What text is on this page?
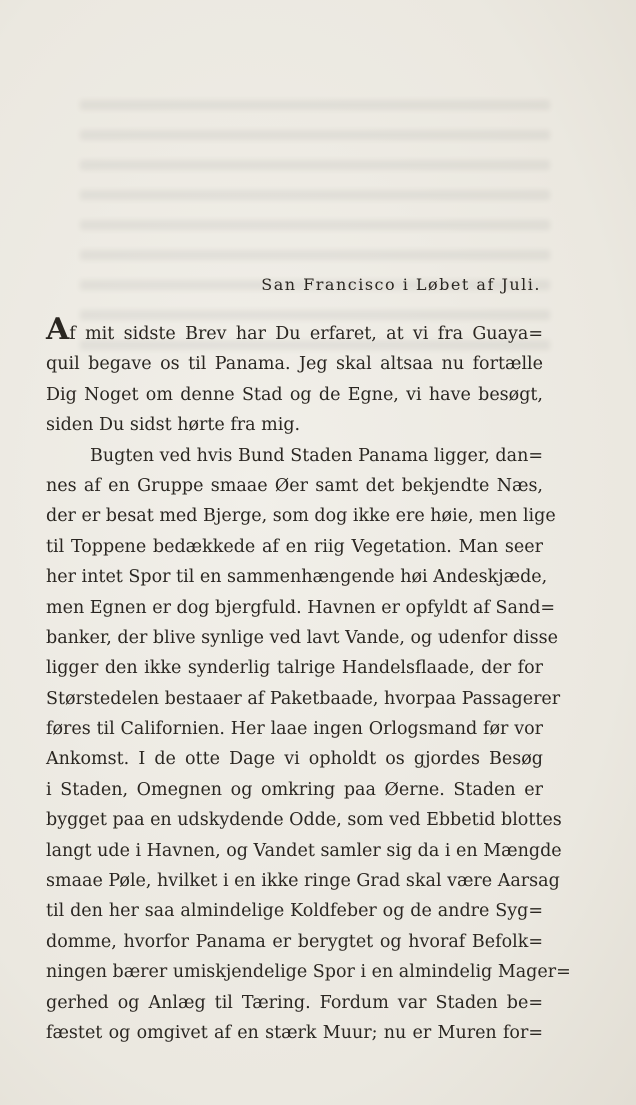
San Francisco i Løbet af Juli.
Af mit sidste Brev har Du erfaret, at vi fra Guaya=
quil begave os til Panama. Jeg skal altsaa nu fortælle
Dig Noget om denne Stad og de Egne, vi have besøgt,
siden Du sidst hørte fra mig.
Bugten ved hvis Bund Staden Panama ligger, dan=
nes af en Gruppe smaae Øer samt det bekjendte Næs,
der er besat med Bjerge, som dog ikke ere høie, men lige
til Toppene bedækkede af en riig Vegetation. Man seer
her intet Spor til en sammenhængende høi Andeskjæde,
men Egnen er dog bjergfuld. Havnen er opfyldt af Sand=
banker, der blive synlige ved lavt Vande, og udenfor disse
ligger den ikke synderlig talrige Handelsflaade, der for
Størstedelen bestaaer af Paketbaade, hvorpaa Passagerer
føres til Californien. Her laae ingen Orlogsmand før vor
Ankomst. I de otte Dage vi opholdt os gjordes Besøg
i Staden, Omegnen og omkring paa Øerne. Staden er
bygget paa en udskydende Odde, som ved Ebbetid blottes
langt ude i Havnen, og Vandet samler sig da i en Mængde
smaae Pøle, hvilket i en ikke ringe Grad skal være Aarsag
til den her saa almindelige Koldfeber og de andre Syg=
domme, hvorfor Panama er berygtet og hvoraf Befolk=
ningen bærer umiskjendelige Spor i en almindelig Mager=
gerhed og Anlæg til Tæring. Fordum var Staden be=
fæstet og omgivet af en stærk Muur; nu er Muren for=
